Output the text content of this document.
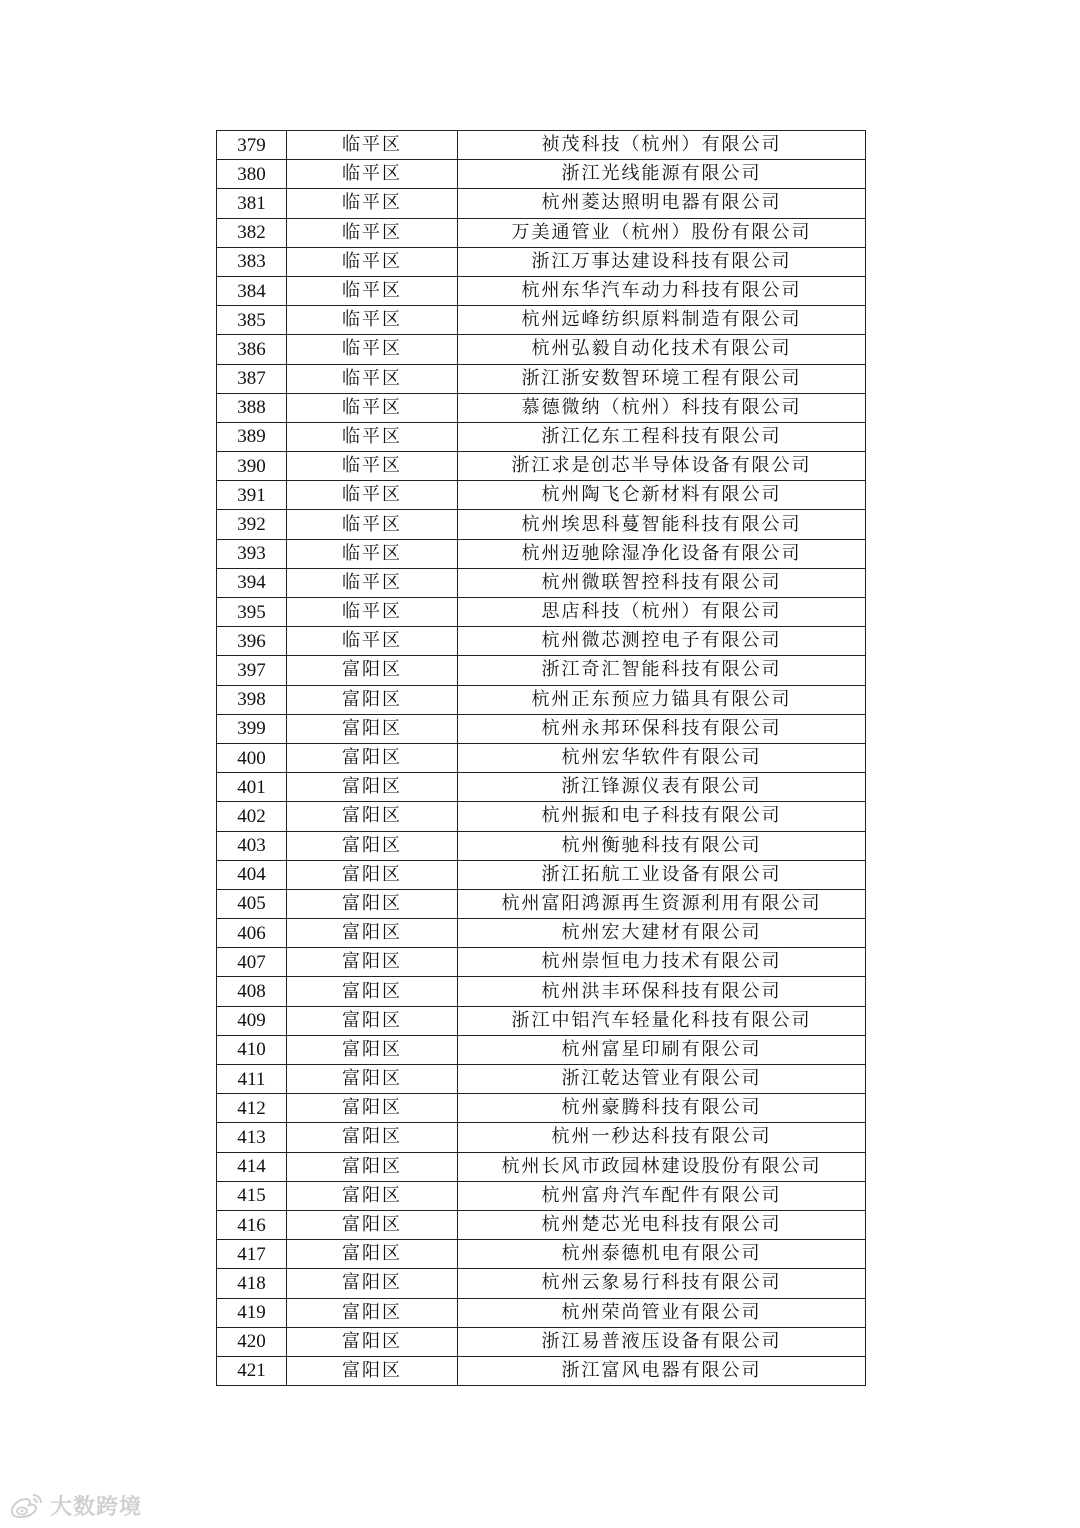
379	临平区	祯茂科技（杭州）有限公司
380	临平区	浙江光线能源有限公司
381	临平区	杭州菱达照明电器有限公司
382	临平区	万美通管业（杭州）股份有限公司
383	临平区	浙江万事达建设科技有限公司
384	临平区	杭州东华汽车动力科技有限公司
385	临平区	杭州远峰纺织原料制造有限公司
386	临平区	杭州弘毅自动化技术有限公司
387	临平区	浙江浙安数智环境工程有限公司
388	临平区	慕德微纳（杭州）科技有限公司
389	临平区	浙江亿东工程科技有限公司
390	临平区	浙江求是创芯半导体设备有限公司
391	临平区	杭州陶飞仑新材料有限公司
392	临平区	杭州埃思科蔓智能科技有限公司
393	临平区	杭州迈驰除湿净化设备有限公司
394	临平区	杭州微联智控科技有限公司
395	临平区	思店科技（杭州）有限公司
396	临平区	杭州微芯测控电子有限公司
397	富阳区	浙江奇汇智能科技有限公司
398	富阳区	杭州正东预应力锚具有限公司
399	富阳区	杭州永邦环保科技有限公司
400	富阳区	杭州宏华软件有限公司
401	富阳区	浙江锋源仪表有限公司
402	富阳区	杭州振和电子科技有限公司
403	富阳区	杭州衡驰科技有限公司
404	富阳区	浙江拓航工业设备有限公司
405	富阳区	杭州富阳鸿源再生资源利用有限公司
406	富阳区	杭州宏大建材有限公司
407	富阳区	杭州崇恒电力技术有限公司
408	富阳区	杭州洪丰环保科技有限公司
409	富阳区	浙江中铝汽车轻量化科技有限公司
410	富阳区	杭州富星印刷有限公司
411	富阳区	浙江乾达管业有限公司
412	富阳区	杭州豪腾科技有限公司
413	富阳区	杭州一秒达科技有限公司
414	富阳区	杭州长风市政园林建设股份有限公司
415	富阳区	杭州富舟汽车配件有限公司
416	富阳区	杭州楚芯光电科技有限公司
417	富阳区	杭州泰德机电有限公司
418	富阳区	杭州云象易行科技有限公司
419	富阳区	杭州荣尚管业有限公司
420	富阳区	浙江易普液压设备有限公司
421	富阳区	浙江富风电器有限公司
大数跨境
